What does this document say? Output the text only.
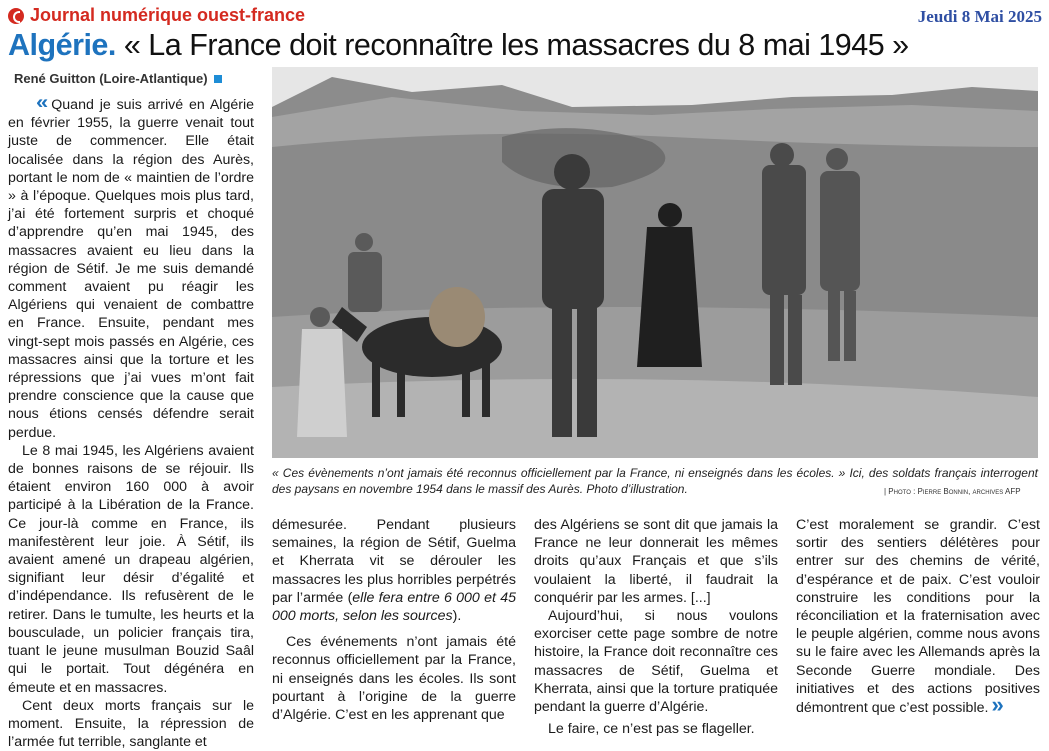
Journal numérique ouest-france	Jeudi 8 Mai 2025
Algérie. « La France doit reconnaître les massacres du 8 mai 1945 »
René Guitton (Loire-Atlantique)
« Ces évènements n’ont jamais été reconnus officiellement par la France, ni enseignés dans les écoles. » Ici, des soldats français interrogent des paysans en novembre 1954 dans le massif des Aurès. Photo d’illustration.	| Photo : Pierre Bonnin, archives AFP

« Quand je suis arrivé en Algérie en février 1955, la guerre venait tout juste de commencer. Elle était localisée dans la région des Aurès, portant le nom de « maintien de l’ordre » à l’époque. Quelques mois plus tard, j’ai été fortement surpris et choqué d’apprendre qu’en mai 1945, des massacres avaient eu lieu dans la région de Sétif. Je me suis demandé comment avaient pu réagir les Algériens qui venaient de combattre en France. Ensuite, pendant mes vingt-sept mois passés en Algérie, ces massacres ainsi que la torture et les répressions que j’ai vues m’ont fait prendre conscience que la cause que nous étions censés défendre serait perdue.

Le 8 mai 1945, les Algériens avaient de bonnes raisons de se réjouir. Ils étaient environ 160 000 à avoir participé à la Libération de la France. Ce jour-là comme en France, ils manifestèrent leur joie. À Sétif, ils avaient amené un drapeau algérien, signifiant leur désir d’égalité et d’indépendance. Ils refusèrent de le retirer. Dans le tumulte, les heurts et la bousculade, un policier français tira, tuant le jeune musulman Bouzid Saâl qui le portait. Tout dégénéra en émeute et en massacres.

Cent deux morts français sur le moment. Ensuite, la répression de l’armée fut terrible, sanglante et

démesurée. Pendant plusieurs semaines, la région de Sétif, Guelma et Kherrata vit se dérouler les massacres les plus horribles perpétrés par l’armée (elle fera entre 6 000 et 45 000 morts, selon les sources).

Ces événements n’ont jamais été reconnus officiellement par la France, ni enseignés dans les écoles. Ils sont pourtant à l’origine de la guerre d’Algérie. C’est en les apprenant que

des Algériens se sont dit que jamais la France ne leur donnerait les mêmes droits qu’aux Français et que s’ils voulaient la liberté, il faudrait la conquérir par les armes. [...]

Aujourd’hui, si nous voulons exorciser cette page sombre de notre histoire, la France doit reconnaître ces massacres de Sétif, Guelma et Kherrata, ainsi que la torture pratiquée pendant la guerre d’Algérie.

Le faire, ce n’est pas se flageller.

C’est moralement se grandir. C’est sortir des sentiers délétères pour entrer sur des chemins de vérité, d’espérance et de paix. C’est vouloir construire les conditions pour la réconciliation et la fraternisation avec le peuple algérien, comme nous avons su le faire avec les Allemands après la Seconde Guerre mondiale. Des initiatives et des actions positives démontrent que c’est possible. »
